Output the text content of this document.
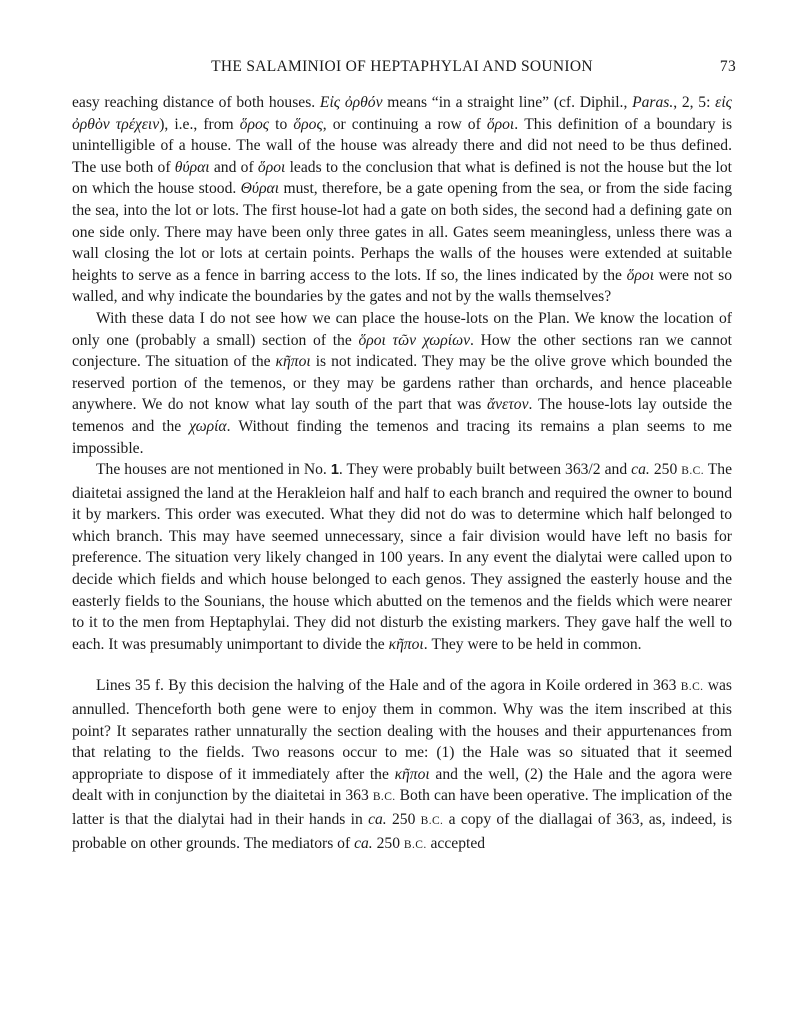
THE SALAMINIOI OF HEPTAPHYLAI AND SOUNION	73

easy reaching distance of both houses. Εἰς ὀρθόν means “in a straight line” (cf. Diphil., Paras., 2, 5: εἰς ὀρθὸν τρέχειν), i.e., from ὅρος to ὅρος, or continuing a row of ὅροι. This definition of a boundary is unintelligible of a house. The wall of the house was already there and did not need to be thus defined. The use both of θύραι and of ὅροι leads to the conclusion that what is defined is not the house but the lot on which the house stood. Θύραι must, therefore, be a gate opening from the sea, or from the side facing the sea, into the lot or lots. The first house-lot had a gate on both sides, the second had a defining gate on one side only. There may have been only three gates in all. Gates seem meaningless, unless there was a wall closing the lot or lots at certain points. Perhaps the walls of the houses were extended at suitable heights to serve as a fence in barring access to the lots. If so, the lines indicated by the ὅροι were not so walled, and why indicate the boundaries by the gates and not by the walls themselves?

With these data I do not see how we can place the house-lots on the Plan. We know the location of only one (probably a small) section of the ὅροι τῶν χωρίων. How the other sections ran we cannot conjecture. The situation of the κῆποι is not indicated. They may be the olive grove which bounded the reserved portion of the temenos, or they may be gardens rather than orchards, and hence placeable anywhere. We do not know what lay south of the part that was ἄνετον. The house-lots lay outside the temenos and the χωρία. Without finding the temenos and tracing its remains a plan seems to me impossible.

The houses are not mentioned in No. 1. They were probably built between 363/2 and ca. 250 B.C. The diaitetai assigned the land at the Herakleion half and half to each branch and required the owner to bound it by markers. This order was executed. What they did not do was to determine which half belonged to which branch. This may have seemed unnecessary, since a fair division would have left no basis for preference. The situation very likely changed in 100 years. In any event the dialytai were called upon to decide which fields and which house belonged to each genos. They assigned the easterly house and the easterly fields to the Sounians, the house which abutted on the temenos and the fields which were nearer to it to the men from Heptaphylai. They did not disturb the existing markers. They gave half the well to each. It was presumably unimportant to divide the κῆποι. They were to be held in common.

Lines 35 f. By this decision the halving of the Hale and of the agora in Koile ordered in 363 B.C. was annulled. Thenceforth both gene were to enjoy them in common. Why was the item inscribed at this point? It separates rather unnaturally the section dealing with the houses and their appurtenances from that relating to the fields. Two reasons occur to me: (1) the Hale was so situated that it seemed appropriate to dispose of it immediately after the κῆποι and the well, (2) the Hale and the agora were dealt with in conjunction by the diaitetai in 363 B.C. Both can have been operative. The implication of the latter is that the dialytai had in their hands in ca. 250 B.C. a copy of the diallagai of 363, as, indeed, is probable on other grounds. The mediators of ca. 250 B.C. accepted
